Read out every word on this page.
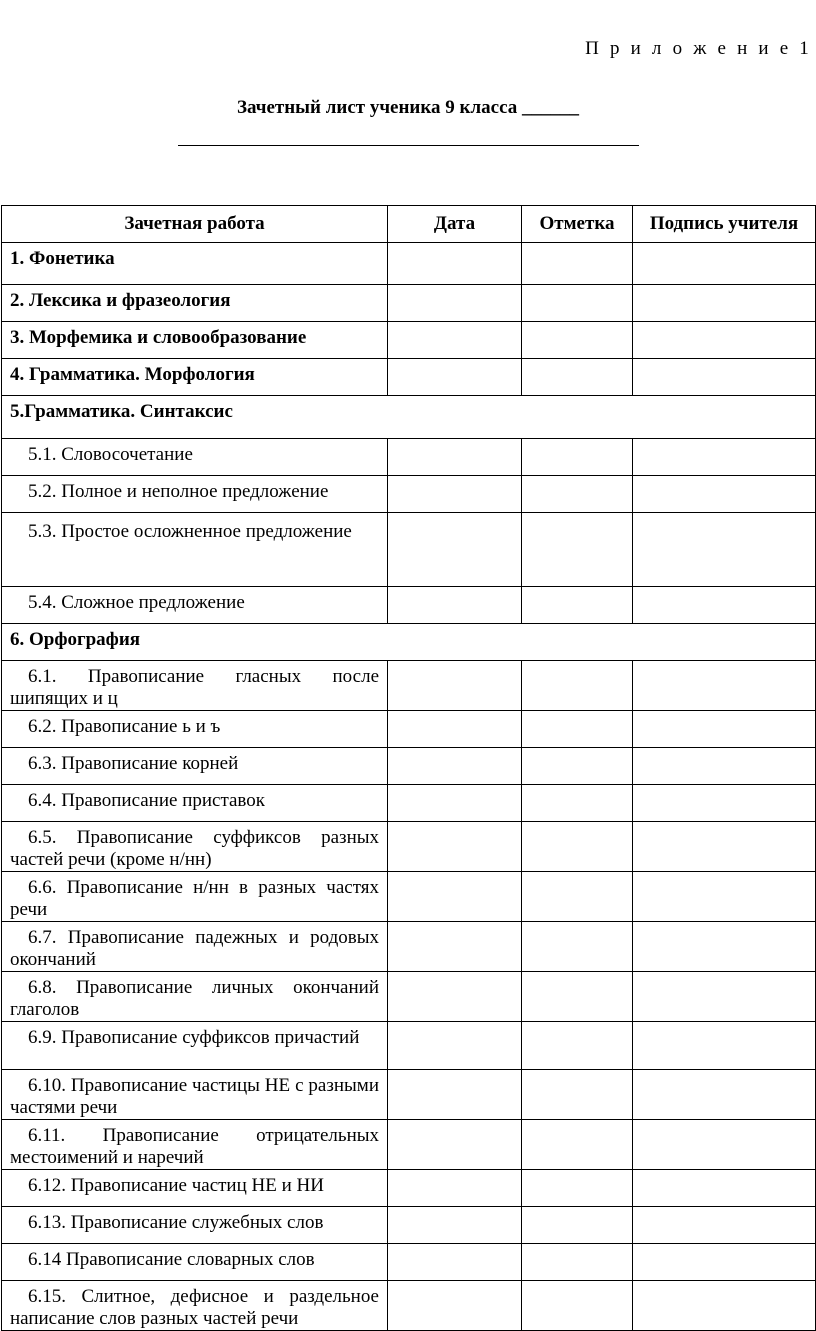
П р и л о ж е н и е 1
Зачетный лист ученика 9 класса ______
Зачетная работа	Дата	Отметка	Подпись учителя
1. Фонетика			
2. Лексика и фразеология			
3. Морфемика и словообразование			
4. Грамматика. Морфология			
5.Грамматика. Синтаксис			
5.1. Словосочетание			
5.2. Полное и неполное предложение			
5.3. Простое осложненное предложение			
5.4. Сложное предложение			
6. Орфография			
6.1. Правописание гласных после шипящих и ц			
6.2. Правописание ь и ъ			
6.3. Правописание корней			
6.4. Правописание приставок			
6.5. Правописание суффиксов разных частей речи (кроме н/нн)			
6.6. Правописание н/нн в разных частях речи			
6.7. Правописание падежных и родовых окончаний			
6.8. Правописание личных окончаний глаголов			
6.9. Правописание суффиксов причастий			
6.10. Правописание частицы НЕ с разными частями речи			
6.11. Правописание отрицательных местоимений и наречий			
6.12. Правописание частиц НЕ и НИ			
6.13. Правописание служебных слов			
6.14 Правописание словарных слов			
6.15. Слитное, дефисное и раздельное написание слов разных частей речи			
